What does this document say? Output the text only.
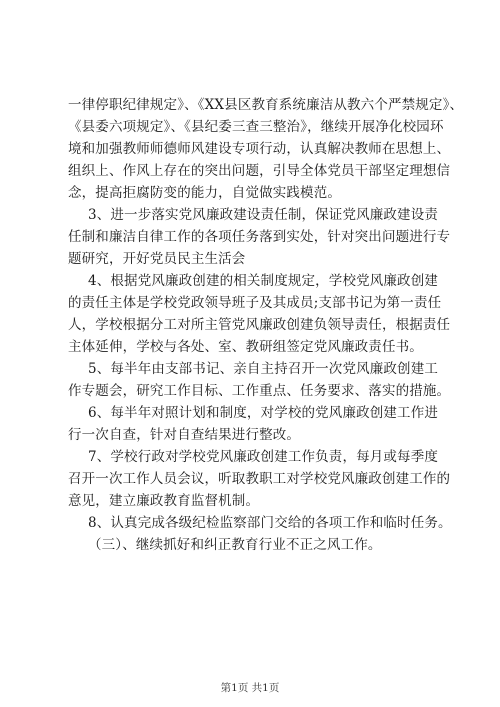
一律停职纪律规定》、《XX县区教育系统廉洁从教六个严禁规定》、
《县委六项规定》、《县纪委三查三整治》，继续开展净化校园环
境和加强教师师德师风建设专项行动，认真解决教师在思想上、
组织上、作风上存在的突出问题，引导全体党员干部坚定理想信
念，提高拒腐防变的能力，自觉做实践模范。
3、进一步落实党风廉政建设责任制，保证党风廉政建设责
任制和廉洁自律工作的各项任务落到实处，针对突出问题进行专
题研究，开好党员民主生活会
4、根据党风廉政创建的相关制度规定，学校党风廉政创建
的责任主体是学校党政领导班子及其成员;支部书记为第一责任
人，学校根据分工对所主管党风廉政创建负领导责任，根据责任
主体延伸，学校与各处、室、教研组签定党风廉政责任书。
5、每半年由支部书记、亲自主持召开一次党风廉政创建工
作专题会，研究工作目标、工作重点、任务要求、落实的措施。
6、每半年对照计划和制度，对学校的党风廉政创建工作进
行一次自查，针对自查结果进行整改。
7、学校行政对学校党风廉政创建工作负责，每月或每季度
召开一次工作人员会议，听取教职工对学校党风廉政创建工作的
意见，建立廉政教育监督机制。
8、认真完成各级纪检监察部门交给的各项工作和临时任务。
（三）、继续抓好和纠正教育行业不正之风工作。
第1页 共1页
